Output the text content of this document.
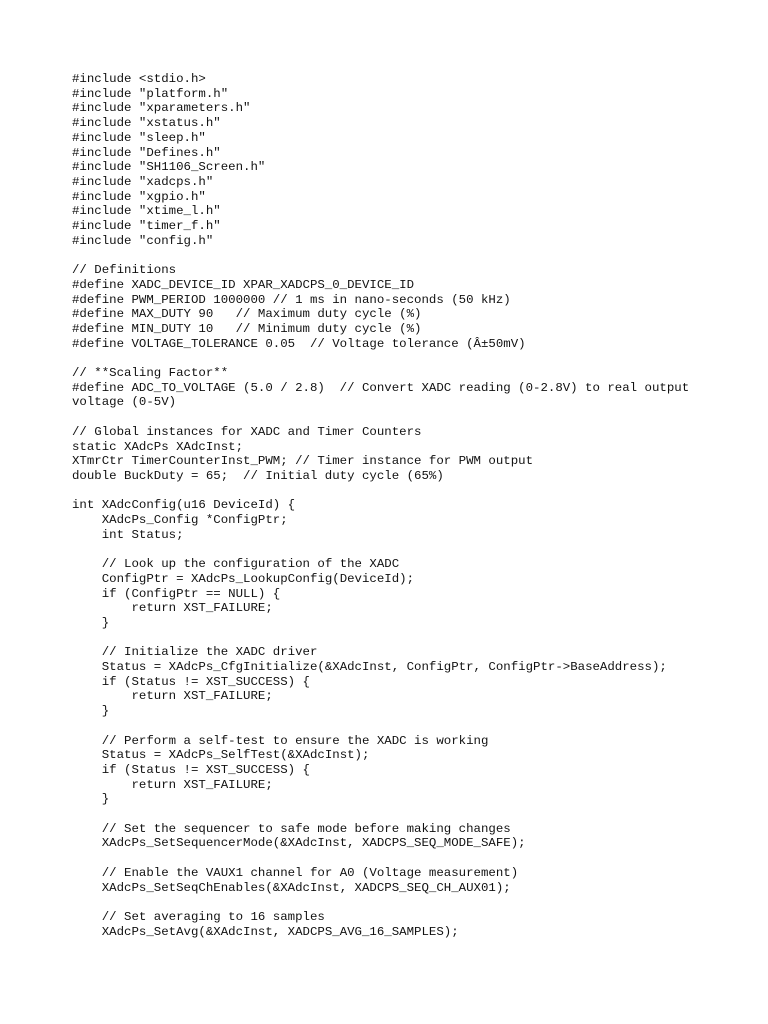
#include <stdio.h>
#include "platform.h"
#include "xparameters.h"
#include "xstatus.h"
#include "sleep.h"
#include "Defines.h"
#include "SH1106_Screen.h"
#include "xadcps.h"
#include "xgpio.h"
#include "xtime_l.h"
#include "timer_f.h"
#include "config.h"
// Definitions
#define XADC_DEVICE_ID XPAR_XADCPS_0_DEVICE_ID
#define PWM_PERIOD 1000000 // 1 ms in nano-seconds (50 kHz)
#define MAX_DUTY 90   // Maximum duty cycle (%)
#define MIN_DUTY 10   // Minimum duty cycle (%)
#define VOLTAGE_TOLERANCE 0.05  // Voltage tolerance (Â±50mV)
// **Scaling Factor**
#define ADC_TO_VOLTAGE (5.0 / 2.8)  // Convert XADC reading (0-2.8V) to real output voltage (0-5V)
// Global instances for XADC and Timer Counters
static XAdcPs XAdcInst;
XTmrCtr TimerCounterInst_PWM; // Timer instance for PWM output
double BuckDuty = 65;  // Initial duty cycle (65%)
int XAdcConfig(u16 DeviceId) {
XAdcPs_Config *ConfigPtr;
int Status;
// Look up the configuration of the XADC
ConfigPtr = XAdcPs_LookupConfig(DeviceId);
if (ConfigPtr == NULL) {
return XST_FAILURE;
}
// Initialize the XADC driver
Status = XAdcPs_CfgInitialize(&XAdcInst, ConfigPtr, ConfigPtr->BaseAddress);
if (Status != XST_SUCCESS) {
return XST_FAILURE;
}
// Perform a self-test to ensure the XADC is working
Status = XAdcPs_SelfTest(&XAdcInst);
if (Status != XST_SUCCESS) {
return XST_FAILURE;
}
// Set the sequencer to safe mode before making changes
XAdcPs_SetSequencerMode(&XAdcInst, XADCPS_SEQ_MODE_SAFE);
// Enable the VAUX1 channel for A0 (Voltage measurement)
XAdcPs_SetSeqChEnables(&XAdcInst, XADCPS_SEQ_CH_AUX01);
// Set averaging to 16 samples
XAdcPs_SetAvg(&XAdcInst, XADCPS_AVG_16_SAMPLES);
